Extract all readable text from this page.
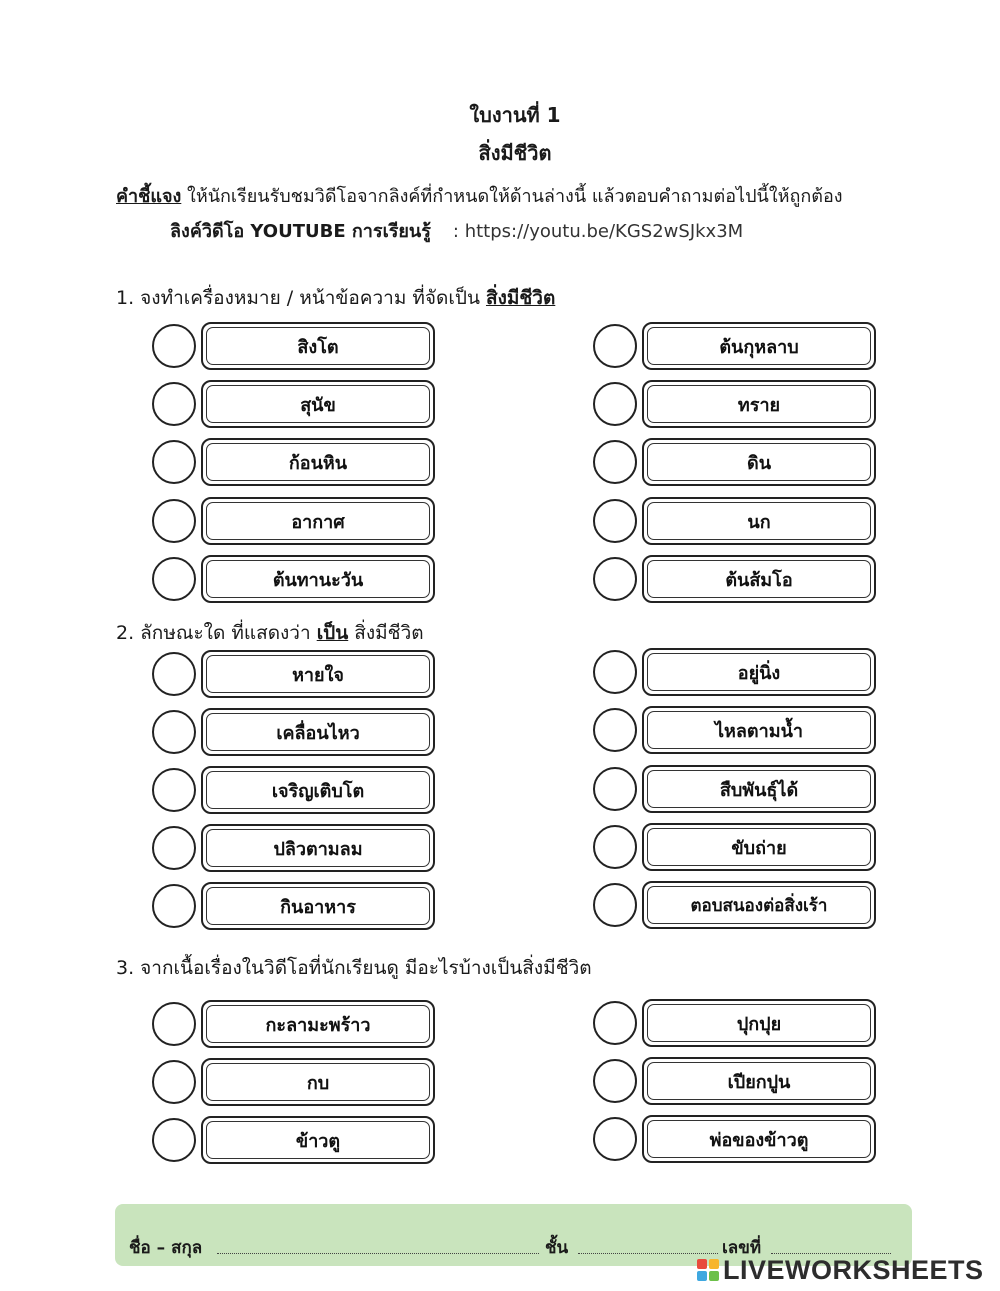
ใบงานที่ 1
สิ่งมีชีวิต
คำชี้แจง ให้นักเรียนรับชมวิดีโอจากลิงค์ที่กำหนดให้ด้านล่างนี้ แล้วตอบคำถามต่อไปนี้ให้ถูกต้อง
ลิงค์วิดีโอ YOUTUBE การเรียนรู้ : https://youtu.be/KGS2wSJkx3M
1. จงทำเครื่องหมาย / หน้าข้อความ ที่จัดเป็น สิ่งมีชีวิต
2. ลักษณะใด ที่แสดงว่า เป็น สิ่งมีชีวิต
3. จากเนื้อเรื่องในวิดีโอที่นักเรียนดู มีอะไรบ้างเป็นสิ่งมีชีวิต
สิงโต
สุนัข
ก้อนหิน
อากาศ
ต้นทานะวัน
ต้นกุหลาบ
ทราย
ดิน
นก
ต้นส้มโอ
หายใจ
เคลื่อนไหว
เจริญเติบโต
ปลิวตามลม
กินอาหาร
อยู่นิ่ง
ไหลตามน้ำ
สืบพันธุ์ได้
ขับถ่าย
ตอบสนองต่อสิ่งเร้า
กะลามะพร้าว
กบ
ข้าวตู
ปุกปุย
เปียกปูน
พ่อของข้าวตู
ชื่อ – สกุล	ชั้น	เลขที่
LIVEWORKSHEETS
